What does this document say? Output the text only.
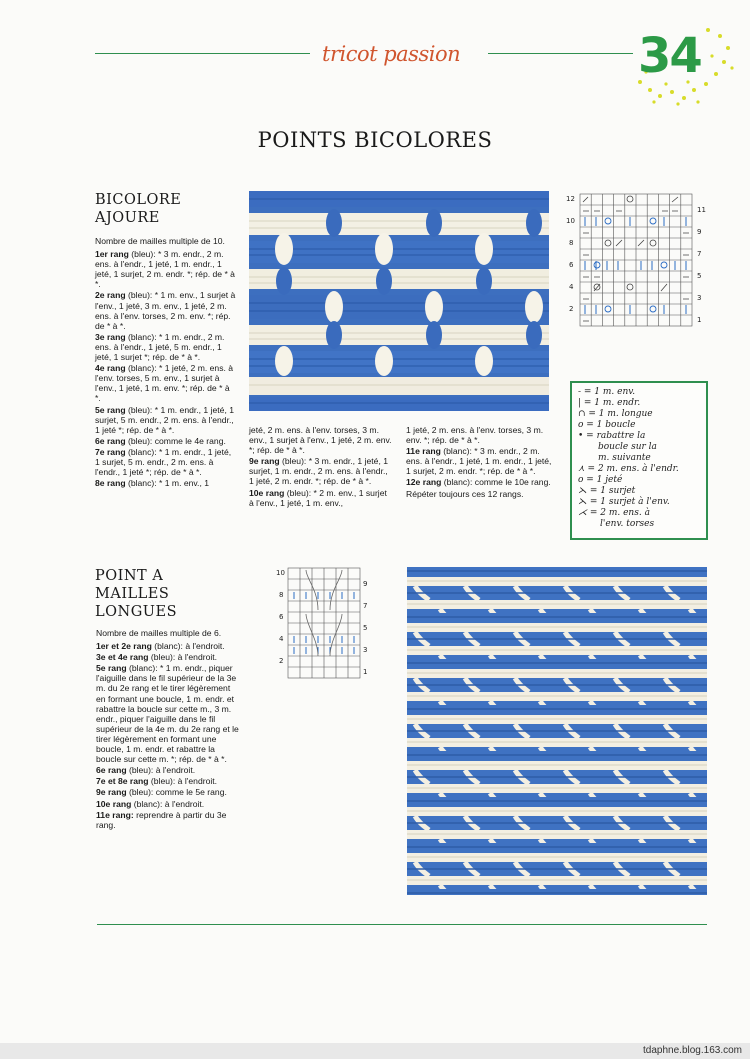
tricot passion	34
POINTS BICOLORES
BICOLORE
AJOURE

Nombre de mailles multiple de 10.

1er rang (bleu): * 3 m. endr., 2 m. ens. à l'endr., 1 jeté, 1 m. endr., 1 jeté, 1 surjet, 2 m. endr. *; rép. de * à *.

2e rang (bleu): * 1 m. env., 1 surjet à l'env., 1 jeté, 3 m. env., 1 jeté, 2 m. ens. à l'env. torses, 2 m. env. *; rép. de * à *.

3e rang (blanc): * 1 m. endr., 2 m. ens. à l'endr., 1 jeté, 5 m. endr., 1 jeté, 1 surjet *; rép. de * à *.

4e rang (blanc): * 1 jeté, 2 m. ens. à l'env. torses, 5 m. env., 1 surjet à l'env., 1 jeté, 1 m. env. *; rép. de * à *.

5e rang (bleu): * 1 m. endr., 1 jeté, 1 surjet, 5 m. endr., 2 m. ens. à l'endr., 1 jeté *; rép. de * à *.

6e rang (bleu): comme le 4e rang.

7e rang (blanc): * 1 m. endr., 1 jeté, 1 surjet, 5 m. endr., 2 m. ens. à l'endr., 1 jeté *; rép. de * à *.

8e rang (blanc): * 1 m. env., 1

jeté, 2 m. ens. à l'env. torses, 3 m. env., 1 surjet à l'env., 1 jeté, 2 m. env. *; rép. de * à *.

9e rang (bleu): * 3 m. endr., 1 jeté, 1 surjet, 1 m. endr., 2 m. ens. à l'endr., 1 jeté, 2 m. endr. *; rép. de * à *.

10e rang (bleu): * 2 m. env., 1 surjet à l'env., 1 jeté, 1 m. env.,

1 jeté, 2 m. ens. à l'env. torses, 3 m. env. *; rép. de * à *.

11e rang (blanc): * 3 m. endr., 2 m. ens. à l'endr., 1 jeté, 1 m. endr., 1 jeté, 1 surjet, 2 m. endr. *; rép. de * à *.

12e rang (blanc): comme le 10e rang.

Répéter toujours ces 12 rangs.

12
10
8
6
4
2
11
9
7
5
3
1
- = 1 m. env.
| = 1 m. endr.
∩ = 1 m. longue
o = 1 boucle
• = rabattre la
boucle sur la
m. suivante
⋏ = 2 m. ens. à l'endr.
o = 1 jeté
⋋ = 1 surjet
⋋ = 1 surjet à l'env.
⋌ = 2 m. ens. à
l'env. torses
POINT A
MAILLES
LONGUES

Nombre de mailles multiple de 6.

1er et 2e rang (blanc): à l'endroit.

3e et 4e rang (bleu): à l'endroit.

5e rang (blanc): * 1 m. endr., piquer l'aiguille dans le fil supérieur de la 3e m. du 2e rang et le tirer légèrement en formant une boucle, 1 m. endr. et rabattre la boucle sur cette m., 3 m. endr., piquer l'aiguille dans le fil supérieur de la 4e m. du 2e rang et le tirer légèrement en formant une boucle, 1 m. endr. et rabattre la boucle sur cette m. *; rép. de * à *.

6e rang (bleu): à l'endroit.

7e et 8e rang (bleu): à l'endroit.

9e rang (bleu): comme le 5e rang.

10e rang (blanc): à l'endroit.

11e rang: reprendre à partir du 3e rang.

10
8
6
4
2
9
7
5
3
1
tdaphne.blog.163.com
